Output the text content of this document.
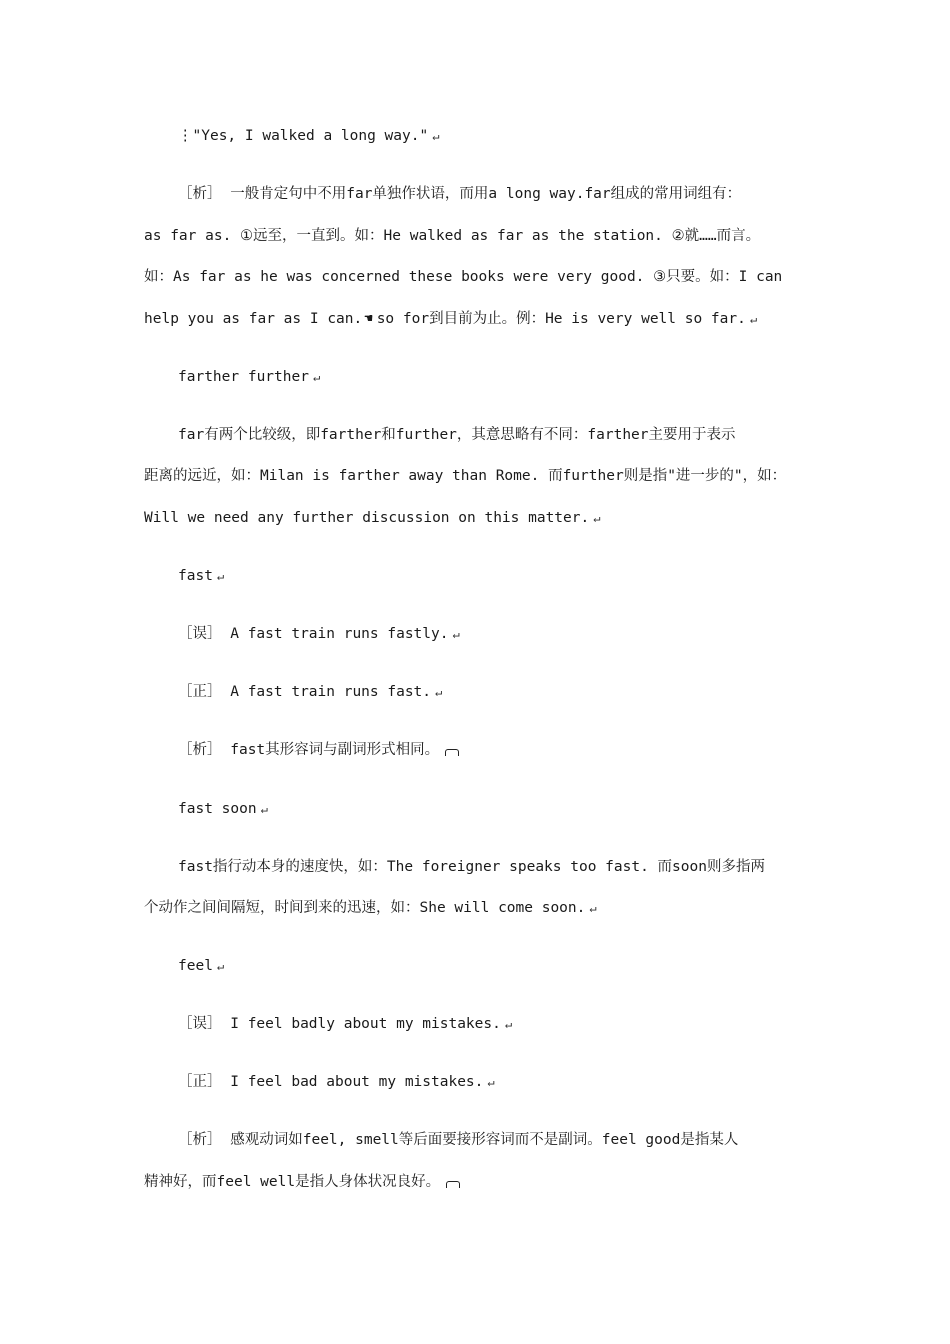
⋮"Yes, I walked a long way." ↵
［析］ 一般肯定句中不用far单独作状语，而用a long way.far组成的常用词组有：
as far as. ①远至，一直到。如：He walked as far as the station. ②就……而言。
如：As far as he was concerned these books were very good. ③只要。如：I can
help you as far as I can. ☚ so for到目前为止。例：He is very well so far. ↵
farther further ↵
far有两个比较级，即farther和further，其意思略有不同：farther主要用于表示
距离的远近，如：Milan is farther away than Rome. 而further则是指"进一步的"，如：
Will we need any further discussion on this matter. ↵
fast ↵
［误］ A fast train runs fastly. ↵
［正］ A fast train runs fast. ↵
［析］ fast其形容词与副词形式相同。
fast soon ↵
fast指行动本身的速度快，如：The foreigner speaks too fast. 而soon则多指两
个动作之间间隔短，时间到来的迅速，如：She will come soon. ↵
feel ↵
［误］ I feel badly about my mistakes. ↵
［正］ I feel bad about my mistakes. ↵
［析］ 感观动词如feel, smell等后面要接形容词而不是副词。feel good是指某人
精神好，而feel well是指人身体状况良好。
